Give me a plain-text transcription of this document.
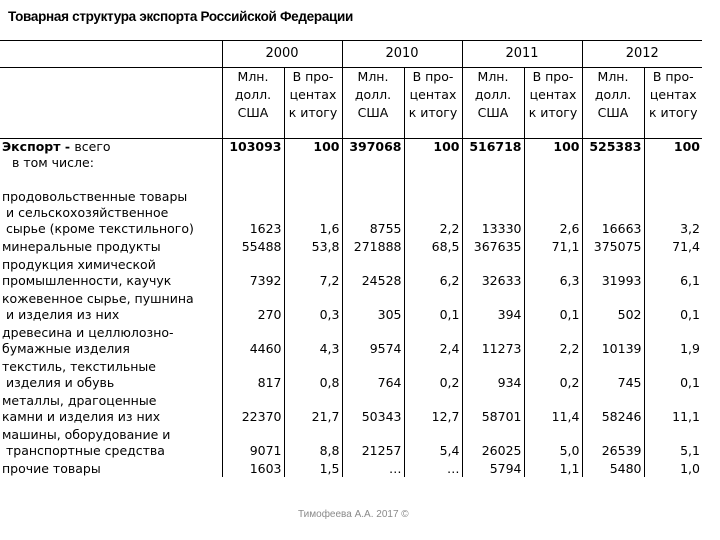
Товарная структура экспорта Российской Федерации
	2000		2010		2011		2012	

	Млн.
долл.
США	В про-
центах
к итогу	Млн.
долл.
США	В про-
центах
к итогу	Млн.
долл.
США	В про-
центах
к итогу	Млн.
долл.
США	В про-
центах
к итогу

Экспорт - всего	103093	100	397068	100	516718	100	525383	100
в том числе:								

продовольственные товары
и сельскохозяйственное
сырье (кроме текстильного)	1623	1,6	8755	2,2	13330	2,6	16663	3,2

минеральные продукты	55488	53,8	271888	68,5	367635	71,1	375075	71,4

продукция химической
промышленности, каучук	7392	7,2	24528	6,2	32633	6,3	31993	6,1

кожевенное сырье, пушнина
и изделия из них	270	0,3	305	0,1	394	0,1	502	0,1

древесина и целлюлозно-
бумажные изделия	4460	4,3	9574	2,4	11273	2,2	10139	1,9

текстиль, текстильные
изделия и обувь	817	0,8	764	0,2	934	0,2	745	0,1

металлы, драгоценные
камни и изделия из них	22370	21,7	50343	12,7	58701	11,4	58246	11,1

машины, оборудование и
транспортные средства	9071	8,8	21257	5,4	26025	5,0	26539	5,1

прочие товары	1603	1,5	…	…	5794	1,1	5480	1,0
Тимофеева А.А. 2017 ©
